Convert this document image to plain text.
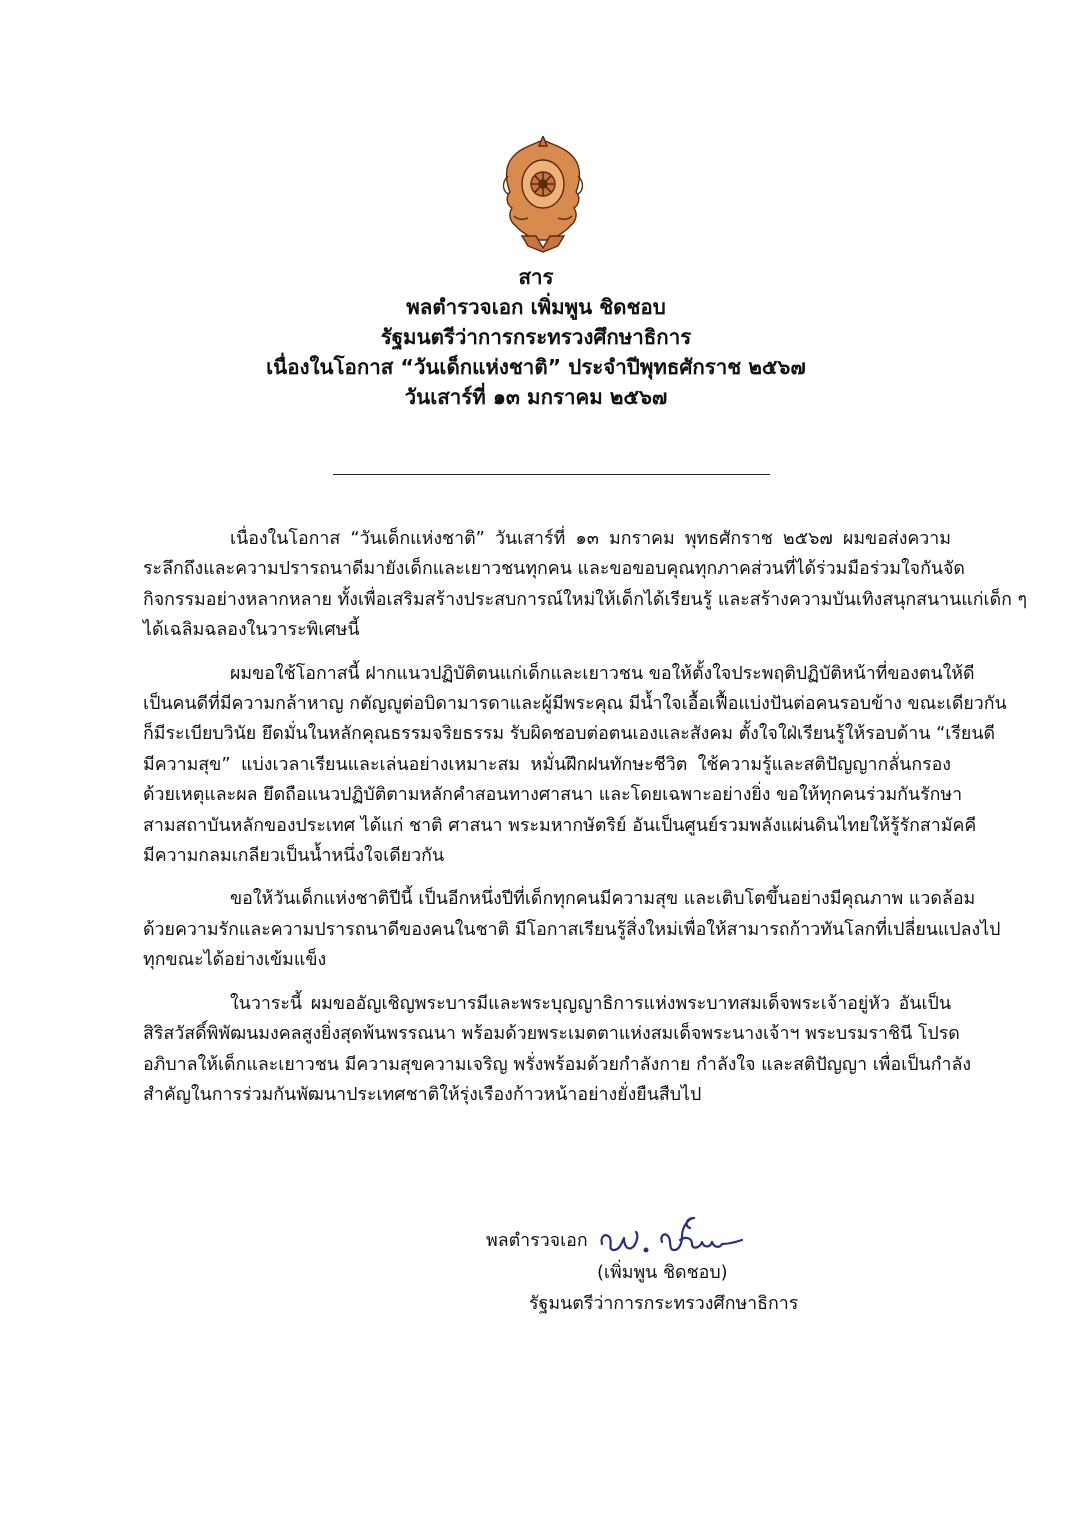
สาร
พลตำรวจเอก เพิ่มพูน ชิดชอบ
รัฐมนตรีว่าการกระทรวงศึกษาธิการ
เนื่องในโอกาส “วันเด็กแห่งชาติ” ประจำปีพุทธศักราช ๒๕๖๗
วันเสาร์ที่ ๑๓ มกราคม ๒๕๖๗
เนื่องในโอกาส “วันเด็กแห่งชาติ” วันเสาร์ที่ ๑๓ มกราคม พุทธศักราช ๒๕๖๗ ผมขอส่งความ
ระลึกถึงและความปรารถนาดีมายังเด็กและเยาวชนทุกคน และขอขอบคุณทุกภาคส่วนที่ได้ร่วมมือร่วมใจกันจัด
กิจกรรมอย่างหลากหลาย ทั้งเพื่อเสริมสร้างประสบการณ์ใหม่ให้เด็กได้เรียนรู้ และสร้างความบันเทิงสนุกสนานแก่เด็ก ๆ
ได้เฉลิมฉลองในวาระพิเศษนี้
ผมขอใช้โอกาสนี้ ฝากแนวปฏิบัติตนแก่เด็กและเยาวชน ขอให้ตั้งใจประพฤติปฏิบัติหน้าที่ของตนให้ดี
เป็นคนดีที่มีความกล้าหาญ กตัญญูต่อบิดามารดาและผู้มีพระคุณ มีน้ำใจเอื้อเฟื้อแบ่งปันต่อคนรอบข้าง ขณะเดียวกัน
ก็มีระเบียบวินัย ยึดมั่นในหลักคุณธรรมจริยธรรม รับผิดชอบต่อตนเองและสังคม ตั้งใจใฝ่เรียนรู้ให้รอบด้าน “เรียนดี
มีความสุข” แบ่งเวลาเรียนและเล่นอย่างเหมาะสม หมั่นฝึกฝนทักษะชีวิต ใช้ความรู้และสติปัญญากลั่นกรอง
ด้วยเหตุและผล ยึดถือแนวปฏิบัติตามหลักคำสอนทางศาสนา และโดยเฉพาะอย่างยิ่ง ขอให้ทุกคนร่วมกันรักษา
สามสถาบันหลักของประเทศ ได้แก่ ชาติ ศาสนา พระมหากษัตริย์ อันเป็นศูนย์รวมพลังแผ่นดินไทยให้รู้รักสามัคคี
มีความกลมเกลียวเป็นน้ำหนึ่งใจเดียวกัน
ขอให้วันเด็กแห่งชาติปีนี้ เป็นอีกหนึ่งปีที่เด็กทุกคนมีความสุข และเติบโตขึ้นอย่างมีคุณภาพ แวดล้อม
ด้วยความรักและความปรารถนาดีของคนในชาติ มีโอกาสเรียนรู้สิ่งใหม่เพื่อให้สามารถก้าวทันโลกที่เปลี่ยนแปลงไป
ทุกขณะได้อย่างเข้มแข็ง
ในวาระนี้ ผมขออัญเชิญพระบารมีและพระบุญญาธิการแห่งพระบาทสมเด็จพระเจ้าอยู่หัว อันเป็น
สิริสวัสดิ์พิพัฒนมงคลสูงยิ่งสุดพ้นพรรณนา พร้อมด้วยพระเมตตาแห่งสมเด็จพระนางเจ้าฯ พระบรมราชินี โปรด
อภิบาลให้เด็กและเยาวชน มีความสุขความเจริญ พรั่งพร้อมด้วยกำลังกาย กำลังใจ และสติปัญญา เพื่อเป็นกำลัง
สำคัญในการร่วมกันพัฒนาประเทศชาติให้รุ่งเรืองก้าวหน้าอย่างยั่งยืนสืบไป
พลตำรวจเอก
(เพิ่มพูน ชิดชอบ)
รัฐมนตรีว่าการกระทรวงศึกษาธิการ
